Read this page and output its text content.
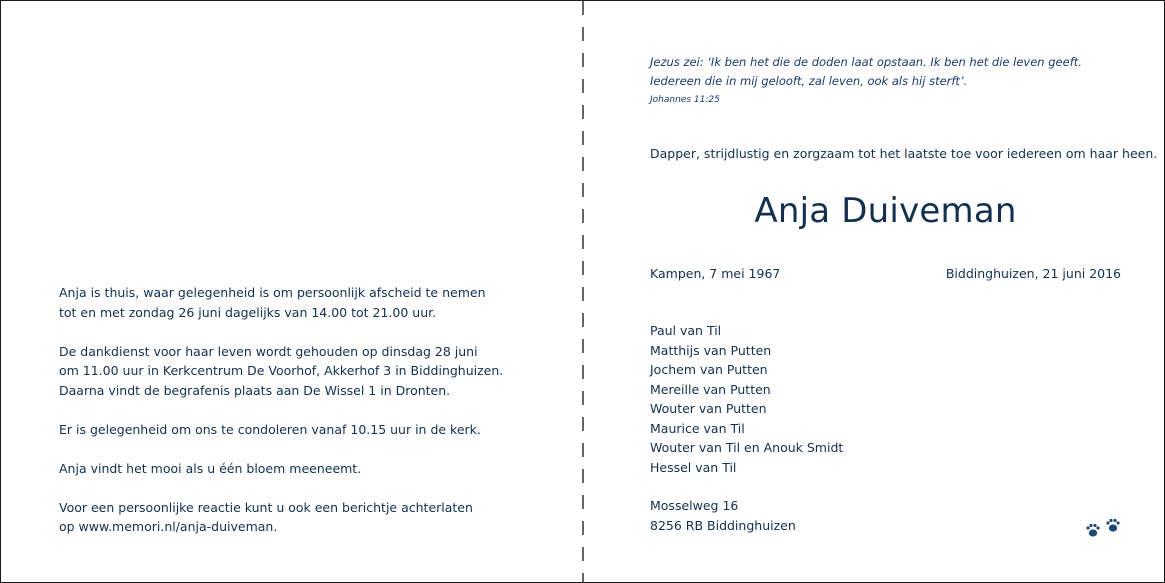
Anja is thuis, waar gelegenheid is om persoonlijk afscheid te nemen
tot en met zondag 26 juni dagelijks van 14.00 tot 21.00 uur.

De dankdienst voor haar leven wordt gehouden op dinsdag 28 juni
om 11.00 uur in Kerkcentrum De Voorhof, Akkerhof 3 in Biddinghuizen.
Daarna vindt de begrafenis plaats aan De Wissel 1 in Dronten.

Er is gelegenheid om ons te condoleren vanaf 10.15 uur in de kerk.

Anja vindt het mooi als u één bloem meeneemt.

Voor een persoonlijke reactie kunt u ook een berichtje achterlaten
op www.memori.nl/anja-duiveman.

Jezus zei: ‘Ik ben het die de doden laat opstaan. Ik ben het die leven geeft.
Iedereen die in mij gelooft, zal leven, ook als hij sterft’.
Johannes 11:25
Dapper, strijdlustig en zorgzaam tot het laatste toe voor iedereen om haar heen.
Anja Duiveman
Kampen, 7 mei 1967	Biddinghuizen, 21 juni 2016
Paul van Til
Matthijs van Putten
Jochem van Putten
Mereille van Putten
Wouter van Putten
Maurice van Til
Wouter van Til en Anouk Smidt
Hessel van Til
Mosselweg 16
8256 RB Biddinghuizen
